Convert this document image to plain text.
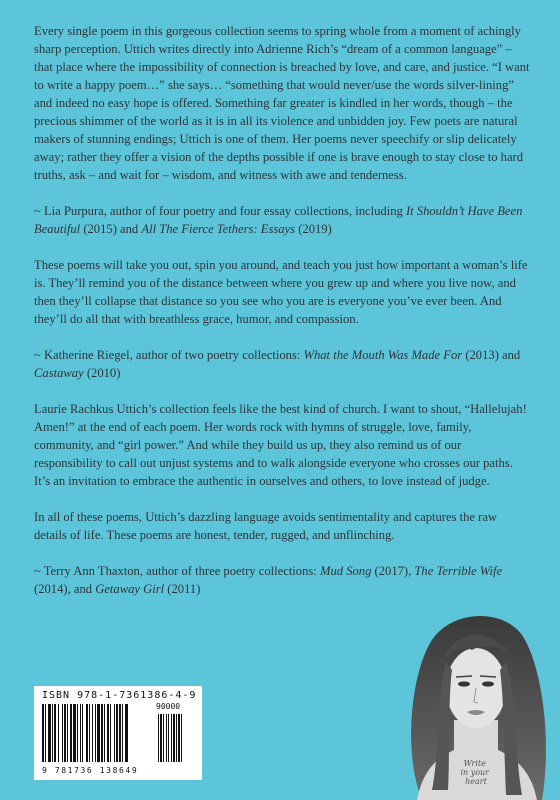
Every single poem in this gorgeous collection seems to spring whole from a moment of achingly sharp perception. Uttich writes directly into Adrienne Rich’s “dream of a common language” – that place where the impossibility of connection is breached by love, and care, and justice. “I want to write a happy poem…” she says… “something that would never/use the words silver-lining” and indeed no easy hope is offered. Something far greater is kindled in her words, though – the precious shimmer of the world as it is in all its violence and unbidden joy. Few poets are natural makers of stunning endings; Uttich is one of them. Her poems never speechify or slip delicately away; rather they offer a vision of the depths possible if one is brave enough to stay close to hard truths, ask – and wait for – wisdom, and witness with awe and tenderness.

~ Lia Purpura, author of four poetry and four essay collections, including It Shouldn’t Have Been Beautiful (2015) and All The Fierce Tethers: Essays (2019)

These poems will take you out, spin you around, and teach you just how important a woman’s life is. They’ll remind you of the distance between where you grew up and where you live now, and then they’ll collapse that distance so you see who you are is everyone you’ve ever been. And they’ll do all that with breathless grace, humor, and compassion.

~ Katherine Riegel, author of two poetry collections: What the Mouth Was Made For (2013) and Castaway (2010)

Laurie Rachkus Uttich’s collection feels like the best kind of church. I want to shout, “Hallelujah! Amen!” at the end of each poem. Her words rock with hymns of struggle, love, family, community, and “girl power.” And while they build us up, they also remind us of our responsibility to call out unjust systems and to walk alongside everyone who crosses our paths. It’s an invitation to embrace the authentic in ourselves and others, to love instead of judge.

In all of these poems, Uttich’s dazzling language avoids sentimentality and captures the raw details of life. These poems are honest, tender, rugged, and unflinching.

~ Terry Ann Thaxton, author of three poetry collections: Mud Song (2017), The Terrible Wife (2014), and Getaway Girl (2011)

ISBN 978-1-7361386-4-9
90000
9 781736 138649
Write in your heart
